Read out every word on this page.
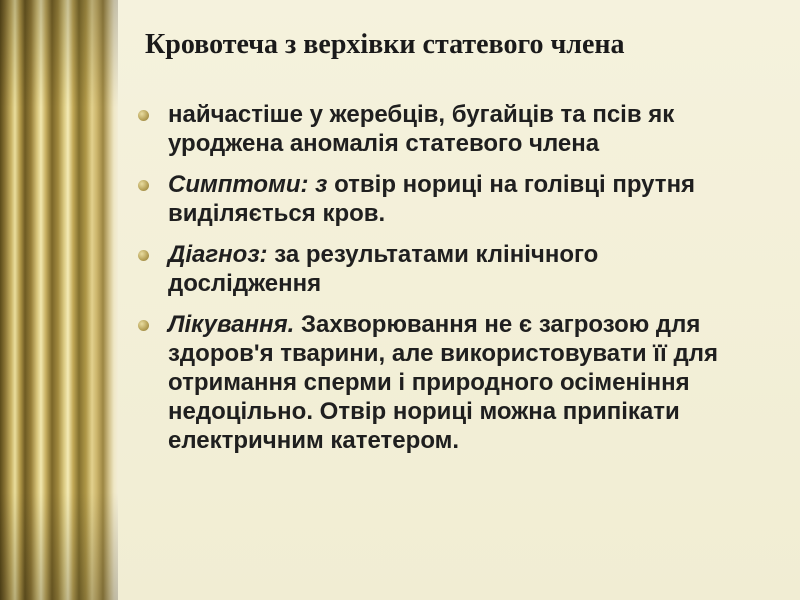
Кровотеча з верхівки статевого члена
найчастіше у жеребців, бугайців та псів як уроджена аномалія статевого члена
Симптоми: з отвір нориці на голівці прутня виділяється кров.
Діагноз: за результатами клінічного дослідження
Лікування. Захворювання не є загрозою для здоров'я тварини, але використовувати її для отримання сперми і природного осіменіння недоцільно. Отвір нориці можна припікати електричним катетером.
